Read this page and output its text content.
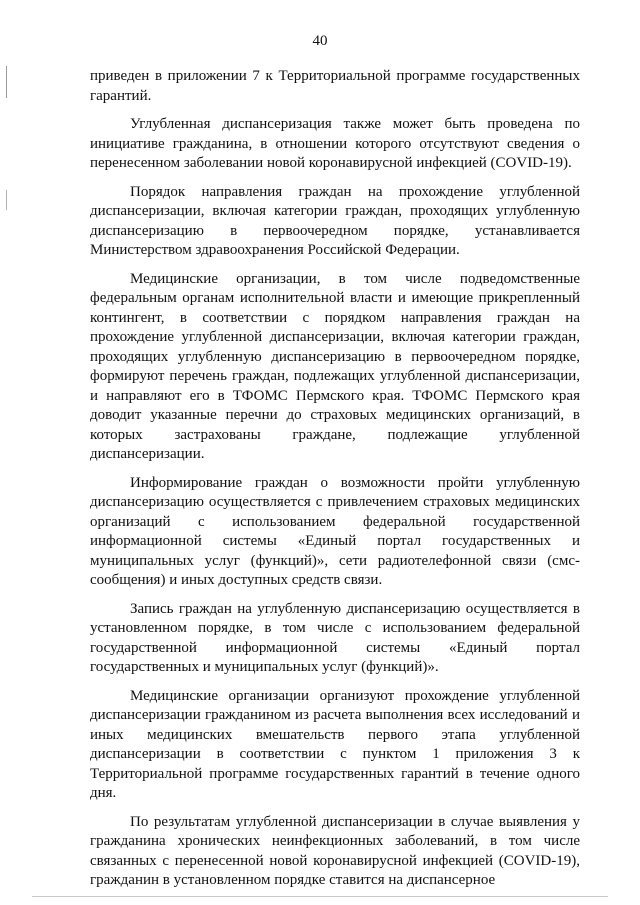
40

приведен в приложении 7 к Территориальной программе государственных гарантий.

Углубленная диспансеризация также может быть проведена по инициативе гражданина, в отношении которого отсутствуют сведения о перенесенном заболевании новой коронавирусной инфекцией (COVID-19).

Порядок направления граждан на прохождение углубленной диспансеризации, включая категории граждан, проходящих углубленную диспансеризацию в первоочередном порядке, устанавливается Министерством здравоохранения Российской Федерации.

Медицинские организации, в том числе подведомственные федеральным органам исполнительной власти и имеющие прикрепленный контингент, в соответствии с порядком направления граждан на прохождение углубленной диспансеризации, включая категории граждан, проходящих углубленную диспансеризацию в первоочередном порядке, формируют перечень граждан, подлежащих углубленной диспансеризации, и направляют его в ТФОМС Пермского края. ТФОМС Пермского края доводит указанные перечни до страховых медицинских организаций, в которых застрахованы граждане, подлежащие углубленной диспансеризации.

Информирование граждан о возможности пройти углубленную диспансеризацию осуществляется с привлечением страховых медицинских организаций с использованием федеральной государственной информационной системы «Единый портал государственных и муниципальных услуг (функций)», сети радиотелефонной связи (смс-сообщения) и иных доступных средств связи.

Запись граждан на углубленную диспансеризацию осуществляется в установленном порядке, в том числе с использованием федеральной государственной информационной системы «Единый портал государственных и муниципальных услуг (функций)».

Медицинские организации организуют прохождение углубленной диспансеризации гражданином из расчета выполнения всех исследований и иных медицинских вмешательств первого этапа углубленной диспансеризации в соответствии с пунктом 1 приложения 3 к Территориальной программе государственных гарантий в течение одного дня.

По результатам углубленной диспансеризации в случае выявления у гражданина хронических неинфекционных заболеваний, в том числе связанных с перенесенной новой коронавирусной инфекцией (COVID-19), гражданин в установленном порядке ставится на диспансерное
